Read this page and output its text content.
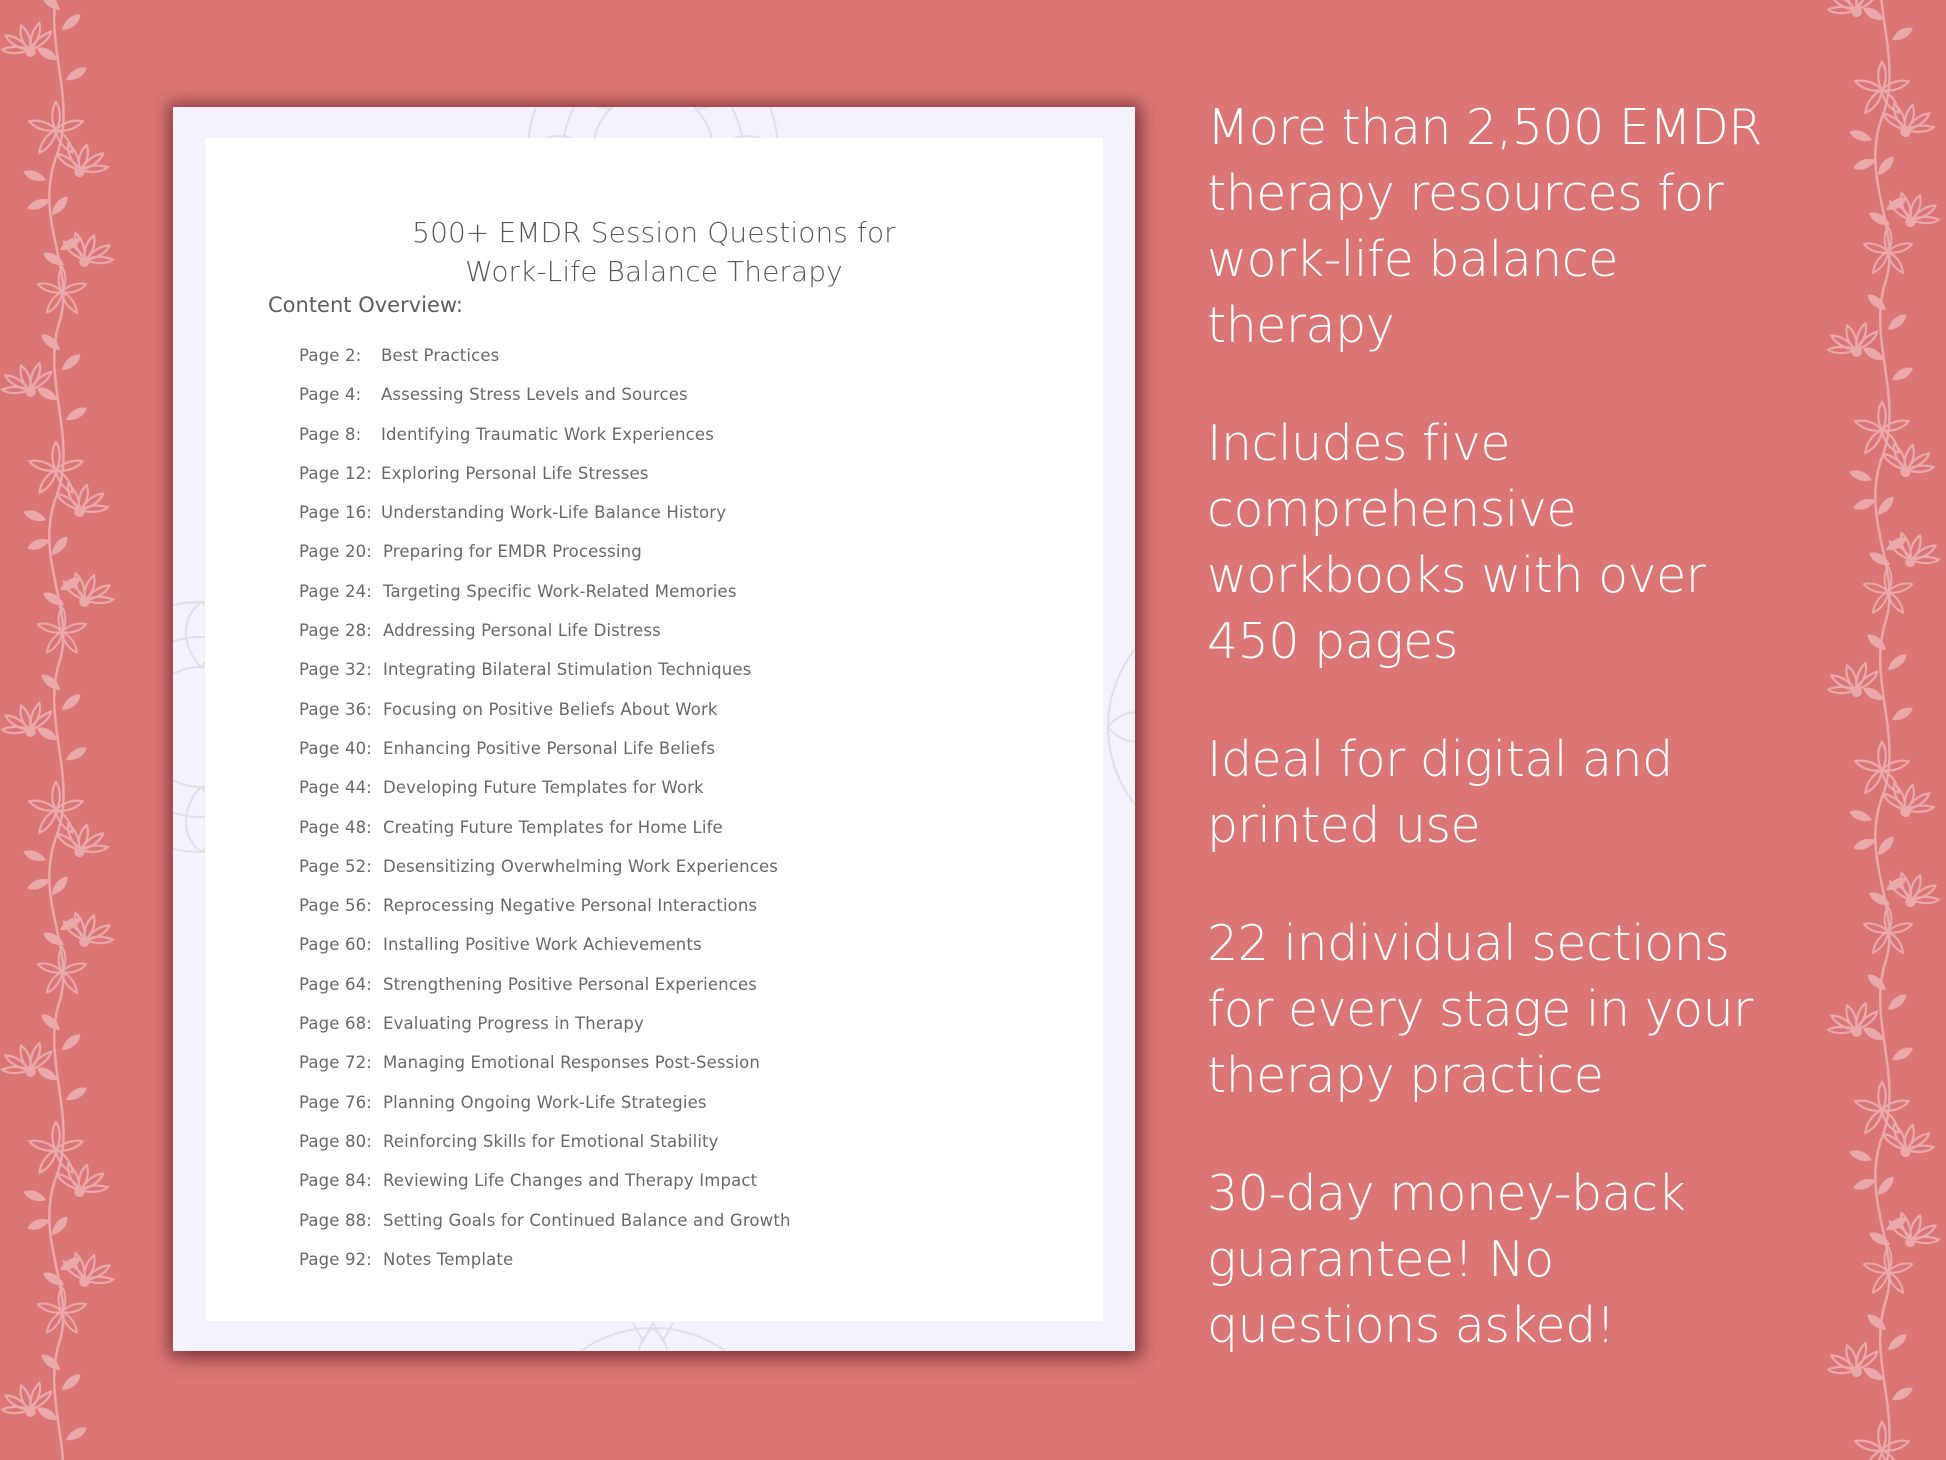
500+ EMDR Session Questions for
Work-Life Balance Therapy
Content Overview:
Page 2: Best Practices
Page 4: Assessing Stress Levels and Sources
Page 8: Identifying Traumatic Work Experiences
Page 12: Exploring Personal Life Stresses
Page 16: Understanding Work-Life Balance History
Page 20: Preparing for EMDR Processing
Page 24: Targeting Specific Work-Related Memories
Page 28: Addressing Personal Life Distress
Page 32: Integrating Bilateral Stimulation Techniques
Page 36: Focusing on Positive Beliefs About Work
Page 40: Enhancing Positive Personal Life Beliefs
Page 44: Developing Future Templates for Work
Page 48: Creating Future Templates for Home Life
Page 52: Desensitizing Overwhelming Work Experiences
Page 56: Reprocessing Negative Personal Interactions
Page 60: Installing Positive Work Achievements
Page 64: Strengthening Positive Personal Experiences
Page 68: Evaluating Progress in Therapy
Page 72: Managing Emotional Responses Post-Session
Page 76: Planning Ongoing Work-Life Strategies
Page 80: Reinforcing Skills for Emotional Stability
Page 84: Reviewing Life Changes and Therapy Impact
Page 88: Setting Goals for Continued Balance and Growth
Page 92: Notes Template
More than 2,500 EMDR
therapy resources for
work-life balance
therapy
Includes five
comprehensive
workbooks with over
450 pages
Ideal for digital and
printed use
22 individual sections
for every stage in your
therapy practice
30-day money-back
guarantee! No
questions asked!
